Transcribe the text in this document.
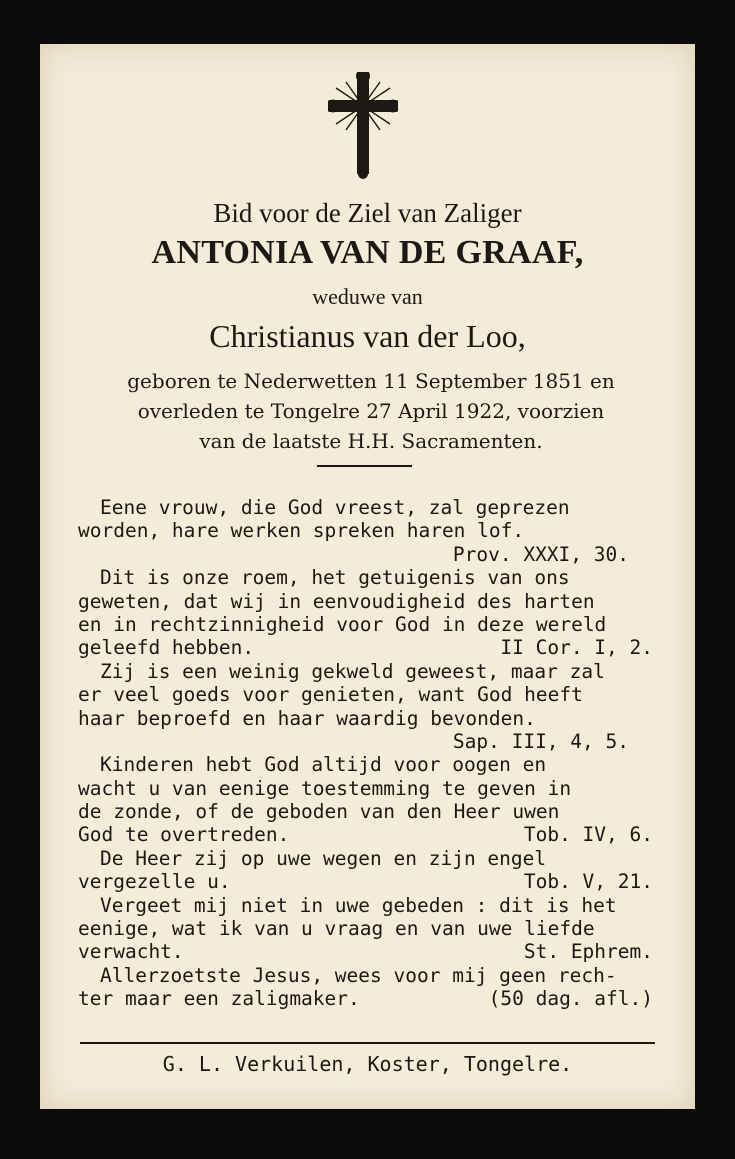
Bid voor de Ziel van Zaliger
ANTONIA VAN DE GRAAF,
weduwe van
Christianus van der Loo,
geboren te Nederwetten 11 September 1851 en
overleden te Tongelre 27 April 1922, voorzien
van de laatste H.H. Sacramenten.
Eene vrouw, die God vreest, zal geprezen
worden, hare werken spreken haren lof.
Prov. XXXI, 30.
Dit is onze roem, het getuigenis van ons
geweten, dat wij in eenvoudigheid des harten
en in rechtzinnigheid voor God in deze wereld
geleefd hebben.	II Cor. I, 2.
Zij is een weinig gekweld geweest, maar zal
er veel goeds voor genieten, want God heeft
haar beproefd en haar waardig bevonden.
Sap. III, 4, 5.
Kinderen hebt God altijd voor oogen en
wacht u van eenige toestemming te geven in
de zonde, of de geboden van den Heer uwen
God te overtreden.	Tob. IV, 6.
De Heer zij op uwe wegen en zijn engel
vergezelle u.	Tob. V, 21.
Vergeet mij niet in uwe gebeden : dit is het
eenige, wat ik van u vraag en van uwe liefde
verwacht.	St. Ephrem.
Allerzoetste Jesus, wees voor mij geen rech-
ter maar een zaligmaker.	(50 dag. afl.)
G. L. Verkuilen, Koster, Tongelre.
